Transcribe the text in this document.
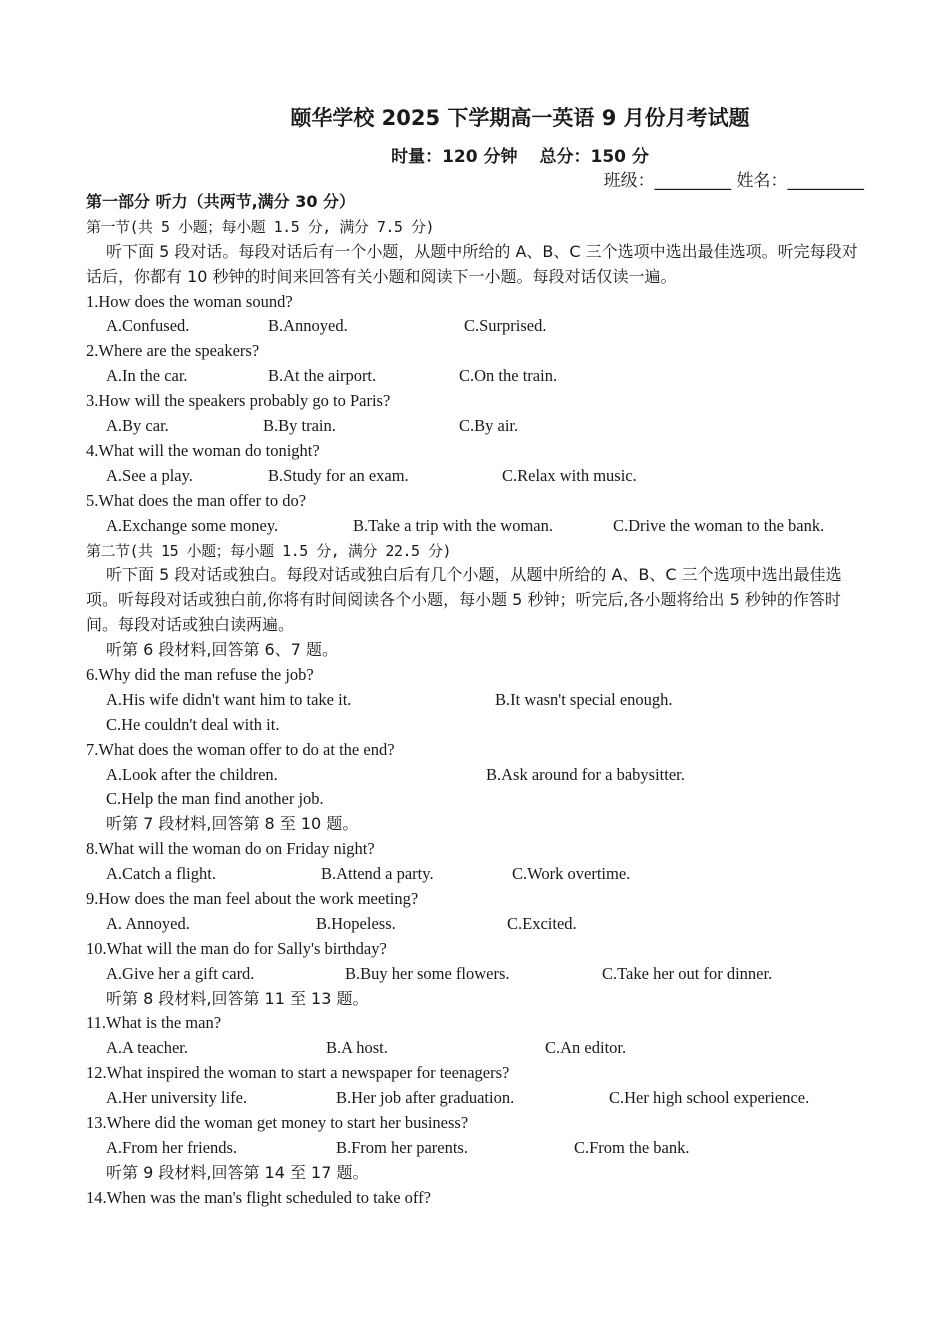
颐华学校 2025 下学期高一英语 9 月份月考试题
时量：120 分钟 总分：150 分
班级：_________ 姓名：_________
第一部分 听力（共两节,满分 30 分）
第一节(共 5 小题；每小题 1.5 分, 满分 7.5 分)
听下面 5 段对话。每段对话后有一个小题，从题中所给的 A、B、C 三个选项中选出最佳选项。听完每段对话后，你都有 10 秒钟的时间来回答有关小题和阅读下一小题。每段对话仅读一遍。
1.How does the woman sound?
A.Confused.	B.Annoyed.	C.Surprised.
2.Where are the speakers?
A.In the car.	B.At the airport.	C.On the train.
3.How will the speakers probably go to Paris?
A.By car.	B.By train.	C.By air.
4.What will the woman do tonight?
A.See a play.	B.Study for an exam.	C.Relax with music.
5.What does the man offer to do?
A.Exchange some money.	B.Take a trip with the woman.	C.Drive the woman to the bank.
第二节(共 15 小题；每小题 1.5 分, 满分 22.5 分)
听下面 5 段对话或独白。每段对话或独白后有几个小题，从题中所给的 A、B、C 三个选项中选出最佳选项。听每段对话或独白前,你将有时间阅读各个小题，每小题 5 秒钟；听完后,各小题将给出 5 秒钟的作答时间。每段对话或独白读两遍。
听第 6 段材料,回答第 6、7 题。
6.Why did the man refuse the job?
A.His wife didn't want him to take it.	B.It wasn't special enough.
C.He couldn't deal with it.
7.What does the woman offer to do at the end?
A.Look after the children.	B.Ask around for a babysitter.
C.Help the man find another job.
听第 7 段材料,回答第 8 至 10 题。
8.What will the woman do on Friday night?
A.Catch a flight.	B.Attend a party.	C.Work overtime.
9.How does the man feel about the work meeting?
A. Annoyed.	B.Hopeless.	C.Excited.
10.What will the man do for Sally's birthday?
A.Give her a gift card.	B.Buy her some flowers.	C.Take her out for dinner.
听第 8 段材料,回答第 11 至 13 题。
11.What is the man?
A.A teacher.	B.A host.	C.An editor.
12.What inspired the woman to start a newspaper for teenagers?
A.Her university life.	B.Her job after graduation.	C.Her high school experience.
13.Where did the woman get money to start her business?
A.From her friends.	B.From her parents.	C.From the bank.
听第 9 段材料,回答第 14 至 17 题。
14.When was the man's flight scheduled to take off?
